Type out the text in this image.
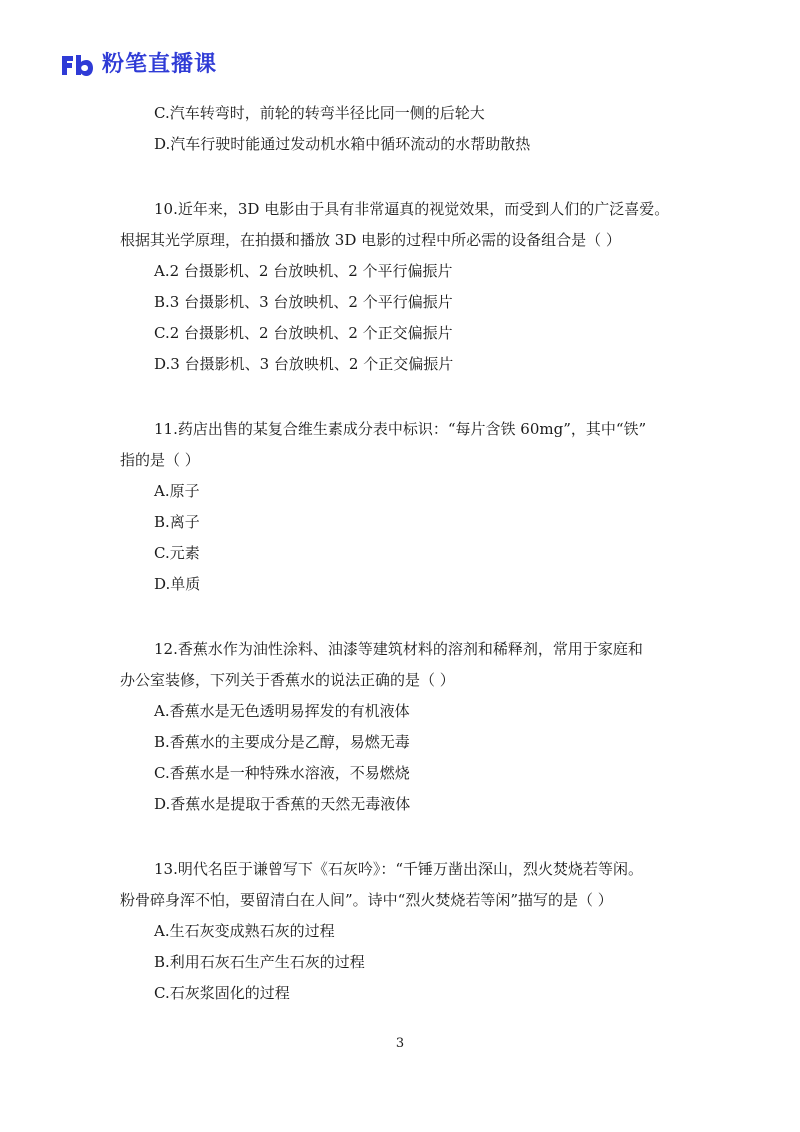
粉笔直播课
C.汽车转弯时，前轮的转弯半径比同一侧的后轮大
D.汽车行驶时能通过发动机水箱中循环流动的水帮助散热
10.近年来，3D 电影由于具有非常逼真的视觉效果，而受到人们的广泛喜爱。
根据其光学原理，在拍摄和播放 3D 电影的过程中所必需的设备组合是（ ）
A.2 台摄影机、2 台放映机、2 个平行偏振片
B.3 台摄影机、3 台放映机、2 个平行偏振片
C.2 台摄影机、2 台放映机、2 个正交偏振片
D.3 台摄影机、3 台放映机、2 个正交偏振片
11.药店出售的某复合维生素成分表中标识：“每片含铁 60mg”，其中“铁”
指的是（ ）
A.原子
B.离子
C.元素
D.单质
12.香蕉水作为油性涂料、油漆等建筑材料的溶剂和稀释剂，常用于家庭和
办公室装修，下列关于香蕉水的说法正确的是（ ）
A.香蕉水是无色透明易挥发的有机液体
B.香蕉水的主要成分是乙醇，易燃无毒
C.香蕉水是一种特殊水溶液，不易燃烧
D.香蕉水是提取于香蕉的天然无毒液体
13.明代名臣于谦曾写下《石灰吟》：“千锤万凿出深山，烈火焚烧若等闲。
粉骨碎身浑不怕，要留清白在人间”。诗中“烈火焚烧若等闲”描写的是（ ）
A.生石灰变成熟石灰的过程
B.利用石灰石生产生石灰的过程
C.石灰浆固化的过程
3
